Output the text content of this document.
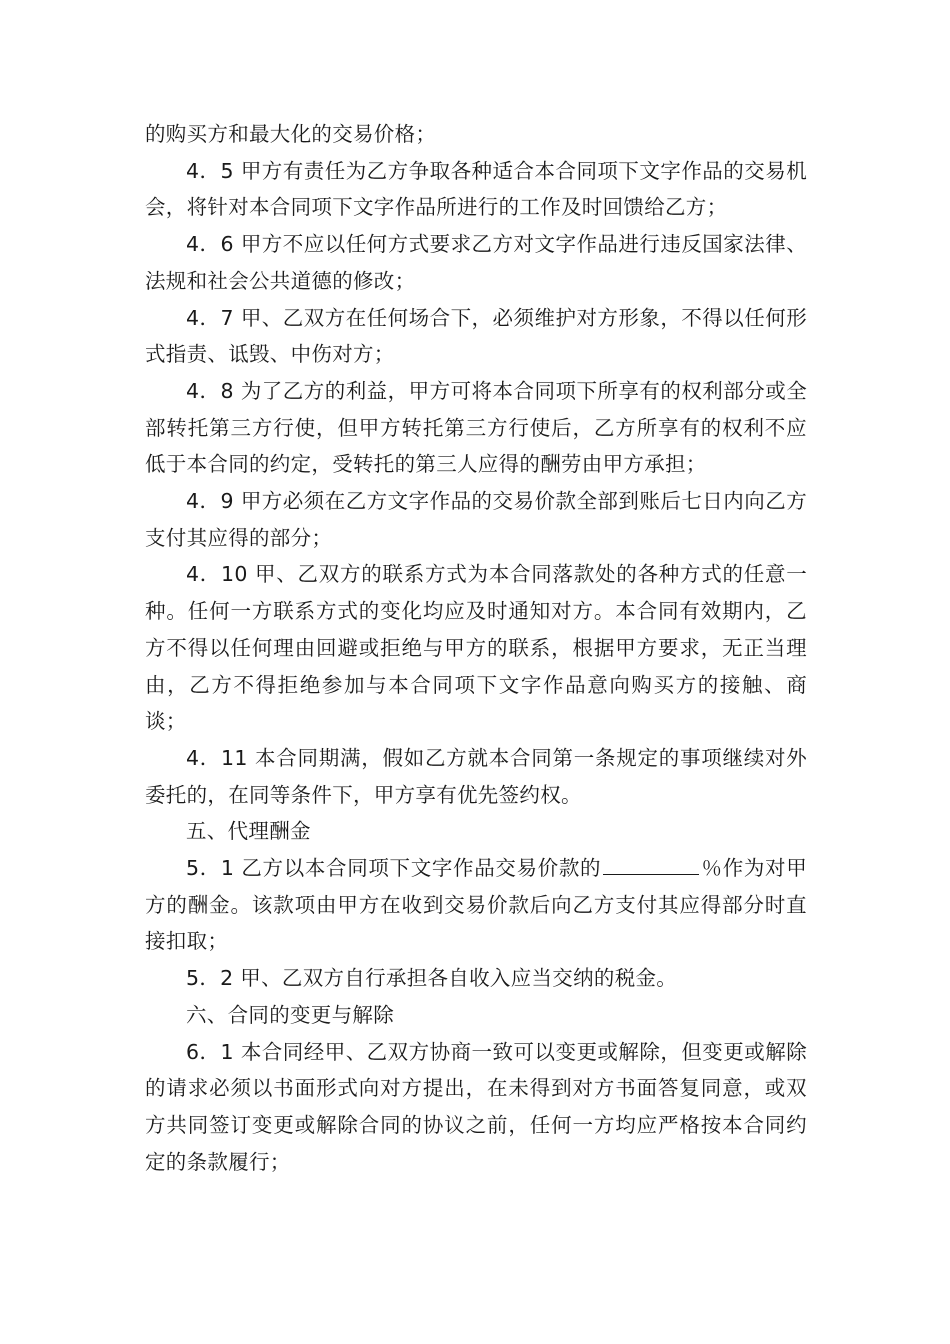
的购买方和最大化的交易价格；

4．5 甲方有责任为乙方争取各种适合本合同项下文字作品的交易机会，将针对本合同项下文字作品所进行的工作及时回馈给乙方；

4．6 甲方不应以任何方式要求乙方对文字作品进行违反国家法律、法规和社会公共道德的修改；

4．7 甲、乙双方在任何场合下，必须维护对方形象，不得以任何形式指责、诋毁、中伤对方；

4．8 为了乙方的利益，甲方可将本合同项下所享有的权利部分或全部转托第三方行使，但甲方转托第三方行使后，乙方所享有的权利不应低于本合同的约定，受转托的第三人应得的酬劳由甲方承担；

4．9 甲方必须在乙方文字作品的交易价款全部到账后七日内向乙方支付其应得的部分；

4．10 甲、乙双方的联系方式为本合同落款处的各种方式的任意一种。任何一方联系方式的变化均应及时通知对方。本合同有效期内，乙方不得以任何理由回避或拒绝与甲方的联系，根据甲方要求，无正当理由，乙方不得拒绝参加与本合同项下文字作品意向购买方的接触、商谈；

4．11 本合同期满，假如乙方就本合同第一条规定的事项继续对外委托的，在同等条件下，甲方享有优先签约权。

五、代理酬金

5．1 乙方以本合同项下文字作品交易价款的	％作为对甲方的酬金。该款项由甲方在收到交易价款后向乙方支付其应得部分时直接扣取；

5．2 甲、乙双方自行承担各自收入应当交纳的税金。

六、合同的变更与解除

6．1 本合同经甲、乙双方协商一致可以变更或解除，但变更或解除的请求必须以书面形式向对方提出，在未得到对方书面答复同意，或双方共同签订变更或解除合同的协议之前，任何一方均应严格按本合同约定的条款履行；
